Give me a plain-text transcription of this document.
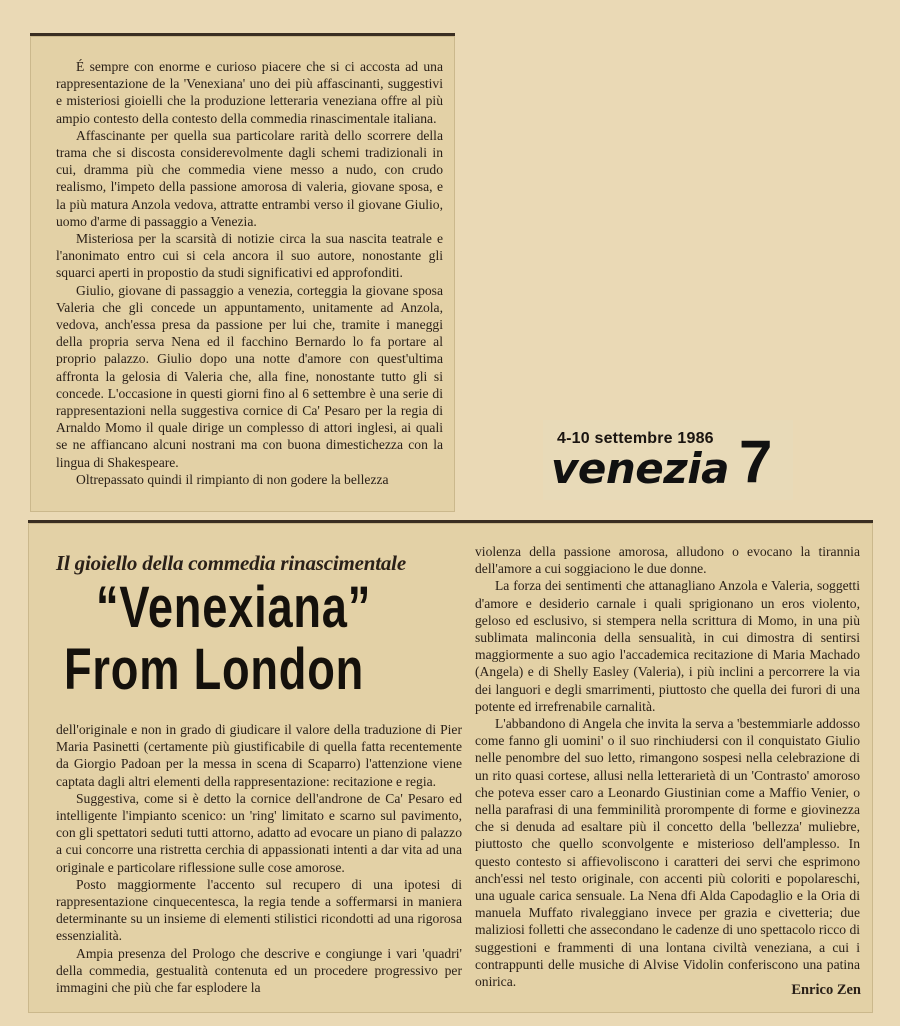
É sempre con enorme e curioso piacere che si ci accosta ad una rappresentazione de la 'Venexiana' uno dei più affascinanti, suggestivi e misteriosi gioielli che la produzione letteraria veneziana offre al più ampio contesto della contesto della commedia rinascimentale italiana.

Affascinante per quella sua particolare rarità dello scorrere della trama che si discosta considerevolmente dagli schemi tradizionali in cui, dramma più che commedia viene messo a nudo, con crudo realismo, l'impeto della passione amorosa di valeria, giovane sposa, e la più matura Anzola vedova, attratte entrambi verso il giovane Giulio, uomo d'arme di passaggio a Venezia.

Misteriosa per la scarsità di notizie circa la sua nascita teatrale e l'anonimato entro cui si cela ancora il suo autore, nonostante gli squarci aperti in propostio da studi significativi ed approfonditi.

Giulio, giovane di passaggio a venezia, corteggia la giovane sposa Valeria che gli concede un appuntamento, unitamente ad Anzola, vedova, anch'essa presa da passione per lui che, tramite i maneggi della propria serva Nena ed il facchino Bernardo lo fa portare al proprio palazzo. Giulio dopo una notte d'amore con quest'ultima affronta la gelosia di Valeria che, alla fine, nonostante tutto gli si concede. L'occasione in questi giorni fino al 6 settembre è una serie di rappresentazioni nella suggestiva cornice di Ca' Pesaro per la regia di Arnaldo Momo il quale dirige un complesso di attori inglesi, ai quali se ne affiancano alcuni nostrani ma con buona dimestichezza con la lingua di Shakespeare.

Oltrepassato quindi il rimpianto di non godere la bellezza

4-10 settembre 1986
venezia 7
Il gioiello della commedia rinascimentale
“Venexiana”
From London

dell'originale e non in grado di giudicare il valore della traduzione di Pier Maria Pasinetti (certamente più giustificabile di quella fatta recentemente da Giorgio Padoan per la messa in scena di Scaparro) l'attenzione viene captata dagli altri elementi della rappresentazione: recitazione e regia.

Suggestiva, come si è detto la cornice dell'androne de Ca' Pesaro ed intelligente l'impianto scenico: un 'ring' limitato e scarno sul pavimento, con gli spettatori seduti tutti attorno, adatto ad evocare un piano di palazzo a cui concorre una ristretta cerchia di appassionati intenti a dar vita ad una originale e particolare riflessione sulle cose amorose.

Posto maggiormente l'accento sul recupero di una ipotesi di rappresentazione cinquecentesca, la regia tende a soffermarsi in maniera determinante su un insieme di elementi stilistici ricondotti ad una rigorosa essenzialità.

Ampia presenza del Prologo che descrive e congiunge i vari 'quadri' della commedia, gestualità contenuta ed un procedere progressivo per immagini che più che far esplodere la

violenza della passione amorosa, alludono o evocano la tirannia dell'amore a cui soggiaciono le due donne.

La forza dei sentimenti che attanagliano Anzola e Valeria, soggetti d'amore e desiderio carnale i quali sprigionano un eros violento, geloso ed esclusivo, si stempera nella scrittura di Momo, in una più sublimata malinconia della sensualità, in cui dimostra di sentirsi maggiormente a suo agio l'accademica recitazione di Maria Machado (Angela) e di Shelly Easley (Valeria), i più inclini a percorrere la via dei languori e degli smarrimenti, piuttosto che quella dei furori di una potente ed irrefrenabile carnalità.

L'abbandono di Angela che invita la serva a 'bestemmiarle addosso come fanno gli uomini' o il suo rinchiudersi con il conquistato Giulio nelle penombre del suo letto, rimangono sospesi nella celebrazione di un rito quasi cortese, allusi nella letterarietà di un 'Contrasto' amoroso che poteva esser caro a Leonardo Giustinian come a Maffio Venier, o nella parafrasi di una femminilità prorompente di forme e giovinezza che si denuda ad esaltare più il concetto della 'bellezza' muliebre, piuttosto che quello sconvolgente e misterioso dell'amplesso. In questo contesto si affievoliscono i caratteri dei servi che esprimono anch'essi nel testo originale, con accenti più coloriti e popolareschi, una uguale carica sensuale. La Nena dfi Alda Capodaglio e la Oria di manuela Muffato rivaleggiano invece per grazia e civetteria; due maliziosi folletti che assecondano le cadenze di uno spettacolo ricco di suggestioni e frammenti di una lontana civiltà veneziana, a cui i contrappunti delle musiche di Alvise Vidolin conferiscono una patina onirica.

Enrico Zen
